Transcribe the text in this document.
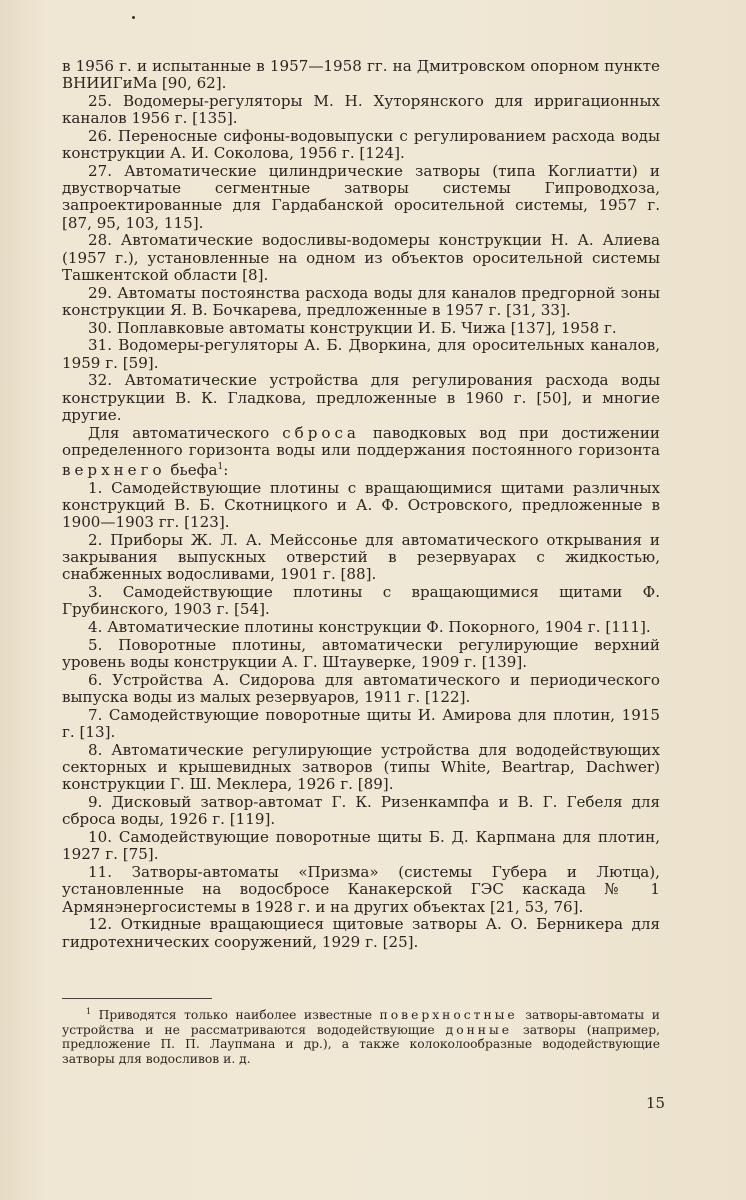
в 1956 г. и испытанные в 1957—1958 гг. на Дмитровском опорном пункте ВНИИГиМа [90, 62].

25. Водомеры-регуляторы М. Н. Хуторянского для ирригационных каналов 1956 г. [135].

26. Переносные сифоны-водовыпуски с регулированием расхода воды конструкции А. И. Соколова, 1956 г. [124].

27. Автоматические цилиндрические затворы (типа Коглиатти) и двустворчатые сегментные затворы системы Гипроводхоза, запроектированные для Гардабанской оросительной системы, 1957 г. [87, 95, 103, 115].

28. Автоматические водосливы-водомеры конструкции Н. А. Алиева (1957 г.), установленные на одном из объектов оросительной системы Ташкентской области [8].

29. Автоматы постоянства расхода воды для каналов предгорной зоны конструкции Я. В. Бочкарева, предложенные в 1957 г. [31, 33].

30. Поплавковые автоматы конструкции И. Б. Чижа [137], 1958 г.

31. Водомеры-регуляторы А. Б. Дворкина, для оросительных каналов, 1959 г. [59].

32. Автоматические устройства для регулирования расхода воды конструкции В. К. Гладкова, предложенные в 1960 г. [50], и многие другие.

Для автоматического сброса паводковых вод при достижении определенного горизонта воды или поддержания постоянного горизонта верхнего бьефа$^1$:

1. Самодействующие плотины с вращающимися щитами различных конструкций В. Б. Скотницкого и А. Ф. Островского, предложенные в 1900—1903 гг. [123].

2. Приборы Ж. Л. А. Мейссонье для автоматического открывания и закрывания выпускных отверстий в резервуарах с жидкостью, снабженных водосливами, 1901 г. [88].

3. Самодействующие плотины с вращающимися щитами Ф. Грубинского, 1903 г. [54].

4. Автоматические плотины конструкции Ф. Покорного, 1904 г. [111].

5. Поворотные плотины, автоматически регулирующие верхний уровень воды конструкции А. Г. Штауверке, 1909 г. [139].

6. Устройства А. Сидорова для автоматического и периодического выпуска воды из малых резервуаров, 1911 г. [122].

7. Самодействующие поворотные щиты И. Амирова для плотин, 1915 г. [13].

8. Автоматические регулирующие устройства для вододействующих секторных и крышевидных затворов (типы White, Beartrap, Dachwer) конструкции Г. Ш. Меклера, 1926 г. [89].

9. Дисковый затвор-автомат Г. К. Ризенкампфа и В. Г. Гебеля для сброса воды, 1926 г. [119].

10. Самодействующие поворотные щиты Б. Д. Карпмана для плотин, 1927 г. [75].

11. Затворы-автоматы «Призма» (системы Губера и Лютца), установленные на водосбросе Канакерской ГЭС каскада № 1 Армянэнергосистемы в 1928 г. и на других объектах [21, 53, 76].

12. Откидные вращающиеся щитовые затворы А. О. Берникера для гидротехнических сооружений, 1929 г. [25].

$^1$ Приводятся только наиболее известные поверхностные затворы-автоматы и устройства и не рассматриваются вододействующие донные затворы (например, предложение П. П. Лаупмана и др.), а также колоколообразные вододействующие затворы для водосливов и. д.
15
